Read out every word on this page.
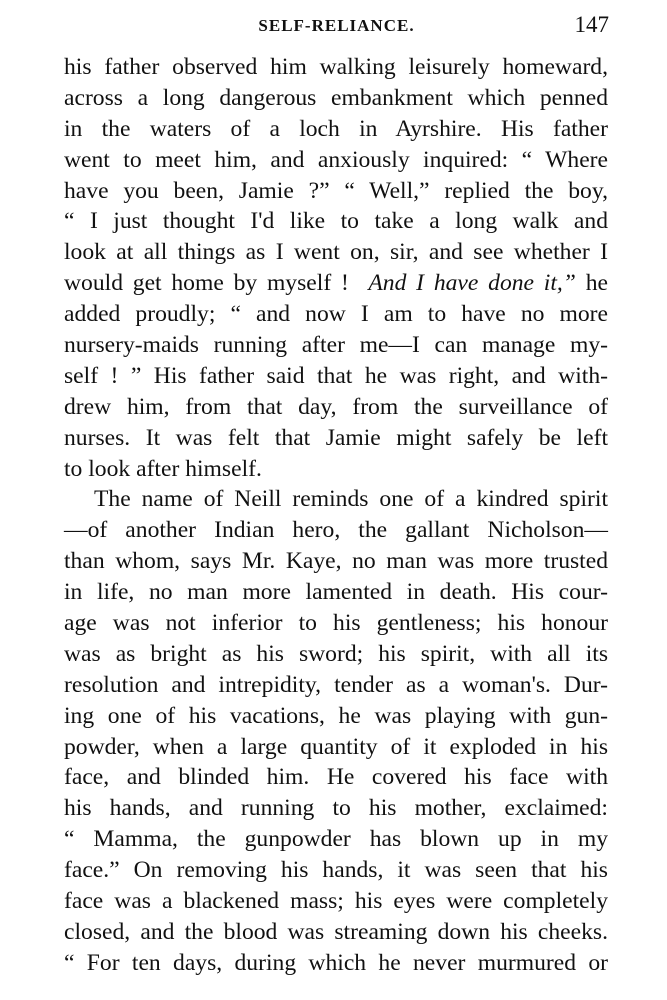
SELF-RELIANCE.	147
his father observed him walking leisurely homeward,
across a long dangerous embankment which penned
in the waters of a loch in Ayrshire. His father
went to meet him, and anxiously inquired: “ Where
have you been, Jamie ?” “ Well,” replied the boy,
“ I just thought I'd like to take a long walk and
look at all things as I went on, sir, and see whether I
would get home by myself ! And I have done it,” he
added proudly; “ and now I am to have no more
nursery-maids running after me—I can manage my-
self ! ” His father said that he was right, and with-
drew him, from that day, from the surveillance of
nurses. It was felt that Jamie might safely be left
to look after himself.
The name of Neill reminds one of a kindred spirit
—of another Indian hero, the gallant Nicholson—
than whom, says Mr. Kaye, no man was more trusted
in life, no man more lamented in death. His cour-
age was not inferior to his gentleness; his honour
was as bright as his sword; his spirit, with all its
resolution and intrepidity, tender as a woman's. Dur-
ing one of his vacations, he was playing with gun-
powder, when a large quantity of it exploded in his
face, and blinded him. He covered his face with
his hands, and running to his mother, exclaimed:
“ Mamma, the gunpowder has blown up in my
face.” On removing his hands, it was seen that his
face was a blackened mass; his eyes were completely
closed, and the blood was streaming down his cheeks.
“ For ten days, during which he never murmured or
